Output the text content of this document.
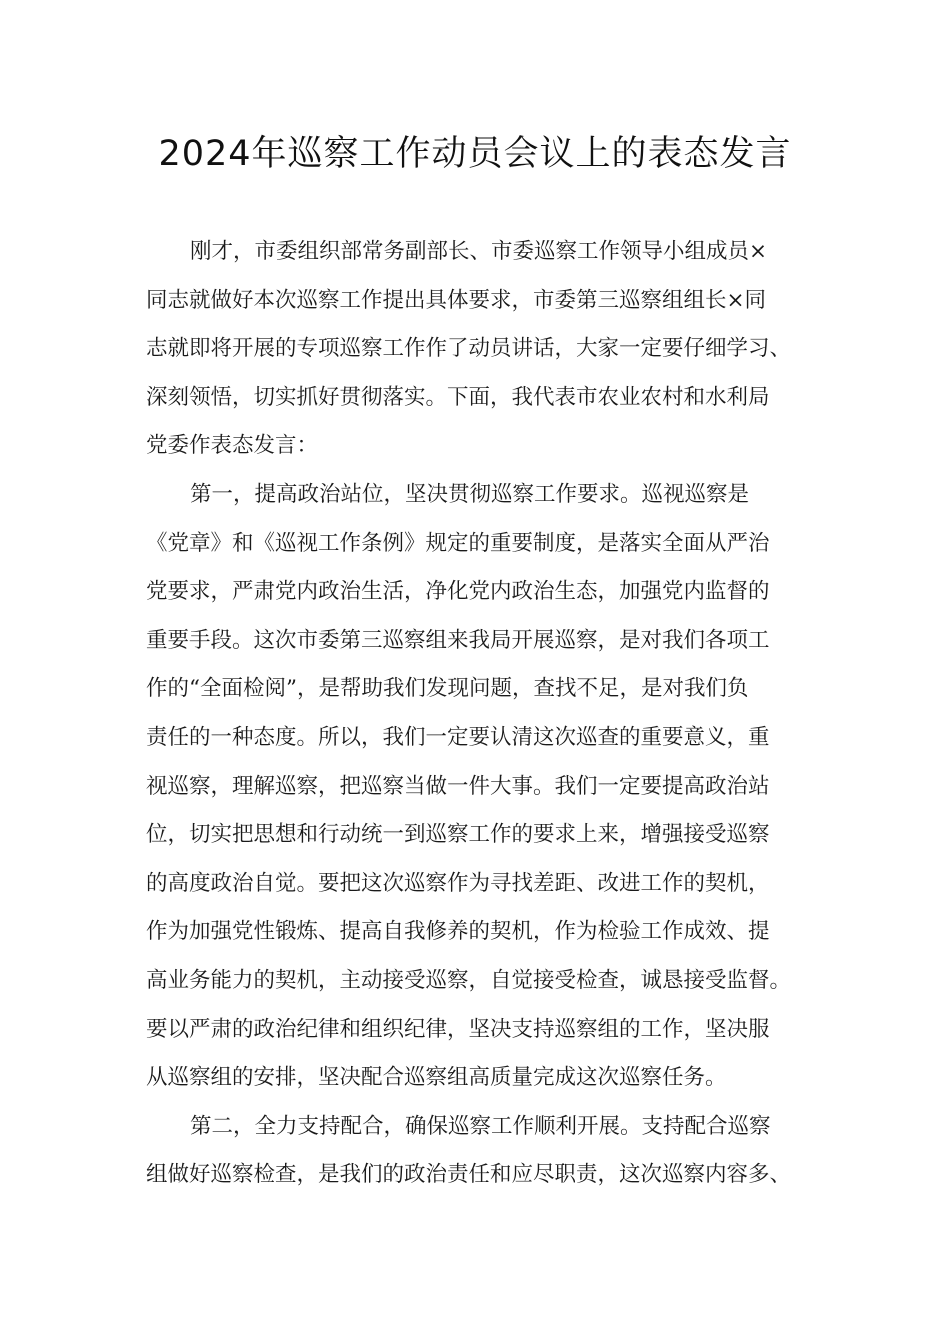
2024年巡察工作动员会议上的表态发言
刚才，市委组织部常务副部长、市委巡察工作领导小组成员×
同志就做好本次巡察工作提出具体要求，市委第三巡察组组长×同
志就即将开展的专项巡察工作作了动员讲话，大家一定要仔细学习、
深刻领悟，切实抓好贯彻落实。下面，我代表市农业农村和水利局
党委作表态发言：
第一，提高政治站位，坚决贯彻巡察工作要求。巡视巡察是
《党章》和《巡视工作条例》规定的重要制度，是落实全面从严治
党要求，严肃党内政治生活，净化党内政治生态，加强党内监督的
重要手段。这次市委第三巡察组来我局开展巡察，是对我们各项工
作的“全面检阅”，是帮助我们发现问题，查找不足，是对我们负
责任的一种态度。所以，我们一定要认清这次巡查的重要意义，重
视巡察，理解巡察，把巡察当做一件大事。我们一定要提高政治站
位，切实把思想和行动统一到巡察工作的要求上来，增强接受巡察
的高度政治自觉。要把这次巡察作为寻找差距、改进工作的契机，
作为加强党性锻炼、提高自我修养的契机，作为检验工作成效、提
高业务能力的契机，主动接受巡察，自觉接受检查，诚恳接受监督。
要以严肃的政治纪律和组织纪律，坚决支持巡察组的工作，坚决服
从巡察组的安排，坚决配合巡察组高质量完成这次巡察任务。
第二，全力支持配合，确保巡察工作顺利开展。支持配合巡察
组做好巡察检查，是我们的政治责任和应尽职责，这次巡察内容多、
